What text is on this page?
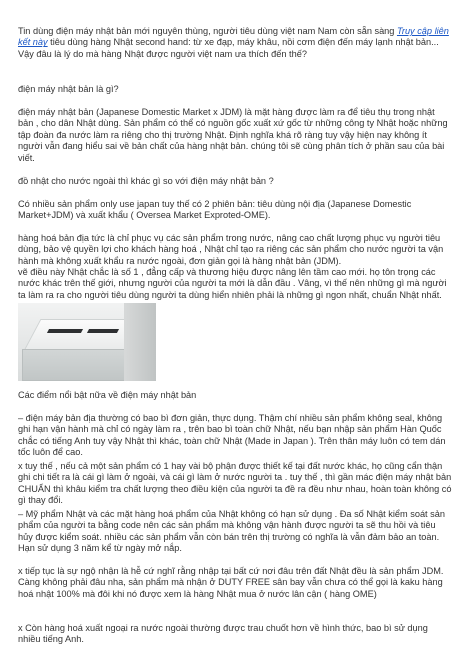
Tin dùng điện máy nhật bản mới nguyên thùng, người tiêu dùng việt nam Nam còn sẵn sàng Truy cập liên kết này tiêu dùng hàng Nhật second hand: từ xe đạp, máy khâu, nồi cơm điện đến máy lạnh nhật bản... Vậy đâu là lý do mà hàng Nhật được người việt nam ưa thích đến thế?

điện máy nhật bản là gì?

điện máy nhật bản (Japanese Domestic Market x JDM) là mặt hàng được làm ra để tiêu thụ trong nhật bản , cho dân Nhật dùng. Sản phẩm có thể có nguồn gốc xuất xứ gốc từ những công ty Nhật hoặc những tập đoàn đa nước làm ra riêng cho thị trường Nhật. Định nghĩa khá rõ ràng tuy vậy hiện nay không ít người vẫn đang hiểu sai về bản chất của hàng nhật bản. chúng tôi sẽ cùng phân tích ở phần sau của bài viết.

đồ nhật cho nước ngoài thì khác gì so với điện máy nhật bản ?

Có nhiều sản phẩm only use japan tuy thế có 2 phiên bản: tiêu dùng nội địa (Japanese Domestic Market+JDM) và xuất khẩu ( Oversea Market Exproted-OME).

hàng hoá bản địa tức là chỉ phục vụ các sản phẩm trong nước, nâng cao chất lượng phục vụ người tiêu dùng, bảo vệ quyền lợi cho khách hàng hoá , Nhật chỉ tạo ra riêng các sản phẩm cho nước người ta vận hành mà không xuất khẩu ra nước ngoài, đơn giản gọi là hàng nhật bản (JDM).

vẽ điều này Nhật chắc là số 1 , đẳng cấp và thương hiệu được nâng lên tầm cao mới. họ tôn trọng các nước khác trên thế giới, nhưng người của người ta mới là dẫn đầu . Vâng, vì thế nên những gì mà người ta làm ra ra cho người tiêu dùng người ta dùng hiển nhiên phải là những gì ngon nhất, chuẩn Nhật nhất.

Các điểm nổi bật nữa về điện máy nhật bản

– điện máy bản địa thường có bao bì đơn giản, thực dụng. Thậm chí nhiều sản phẩm không seal, không ghi hạn vận hành mà chỉ có ngày làm ra , trên bao bì toàn chữ Nhật, nếu bạn nhập sản phẩm Hàn Quốc chắc có tiếng Anh tuy vậy Nhật thì khác, toàn chữ Nhật (Made in Japan ). Trên thân máy luôn có tem dán tốc luôn để cao.

x tuy thế , nếu cả một sản phẩm có 1 hay vài bộ phận được thiết kế tại đất nước khác, họ cũng cẩn thận ghi chi tiết ra là cái gì làm ở ngoài, và cái gì làm ở nước người ta . tuy thế , thì gần mác điện máy nhật bản CHUẨN thì khâu kiểm tra chất lượng theo điều kiện của người ta đề ra đều như nhau, hoàn toàn không có gì thay đổi.

– Mỹ phẩm Nhật và các mặt hàng hoá phẩm của Nhật không có hạn sử dụng . Đa số Nhật kiểm soát sản phẩm của người ta bằng code nên các sản phẩm mà không vận hành được người ta sẽ thu hồi và tiêu hủy được kiểm soát. nhiều các sản phẩm vẫn còn bán trên thị trường có nghĩa là vẫn đảm bảo an toàn. Hạn sử dụng 3 năm kể từ ngày mở nắp.

x tiếp tục là sự ngộ nhận là hễ cứ nghĩ rằng nhập tại bất cứ nơi đâu trên đất Nhật đều là sản phẩm JDM. Càng không phải đâu nha, sản phẩm mà nhận ở DUTY FREE sân bay vẫn chưa có thể gọi là kaku hàng hoá nhật 100% mà đôi khi nó được xem là hàng Nhật mua ở nước lân cận ( hàng OME)

x Còn hàng hoá xuất ngoại ra nước ngoài thường được trau chuốt hơn về hình thức, bao bì sử dụng nhiều tiếng Anh.
